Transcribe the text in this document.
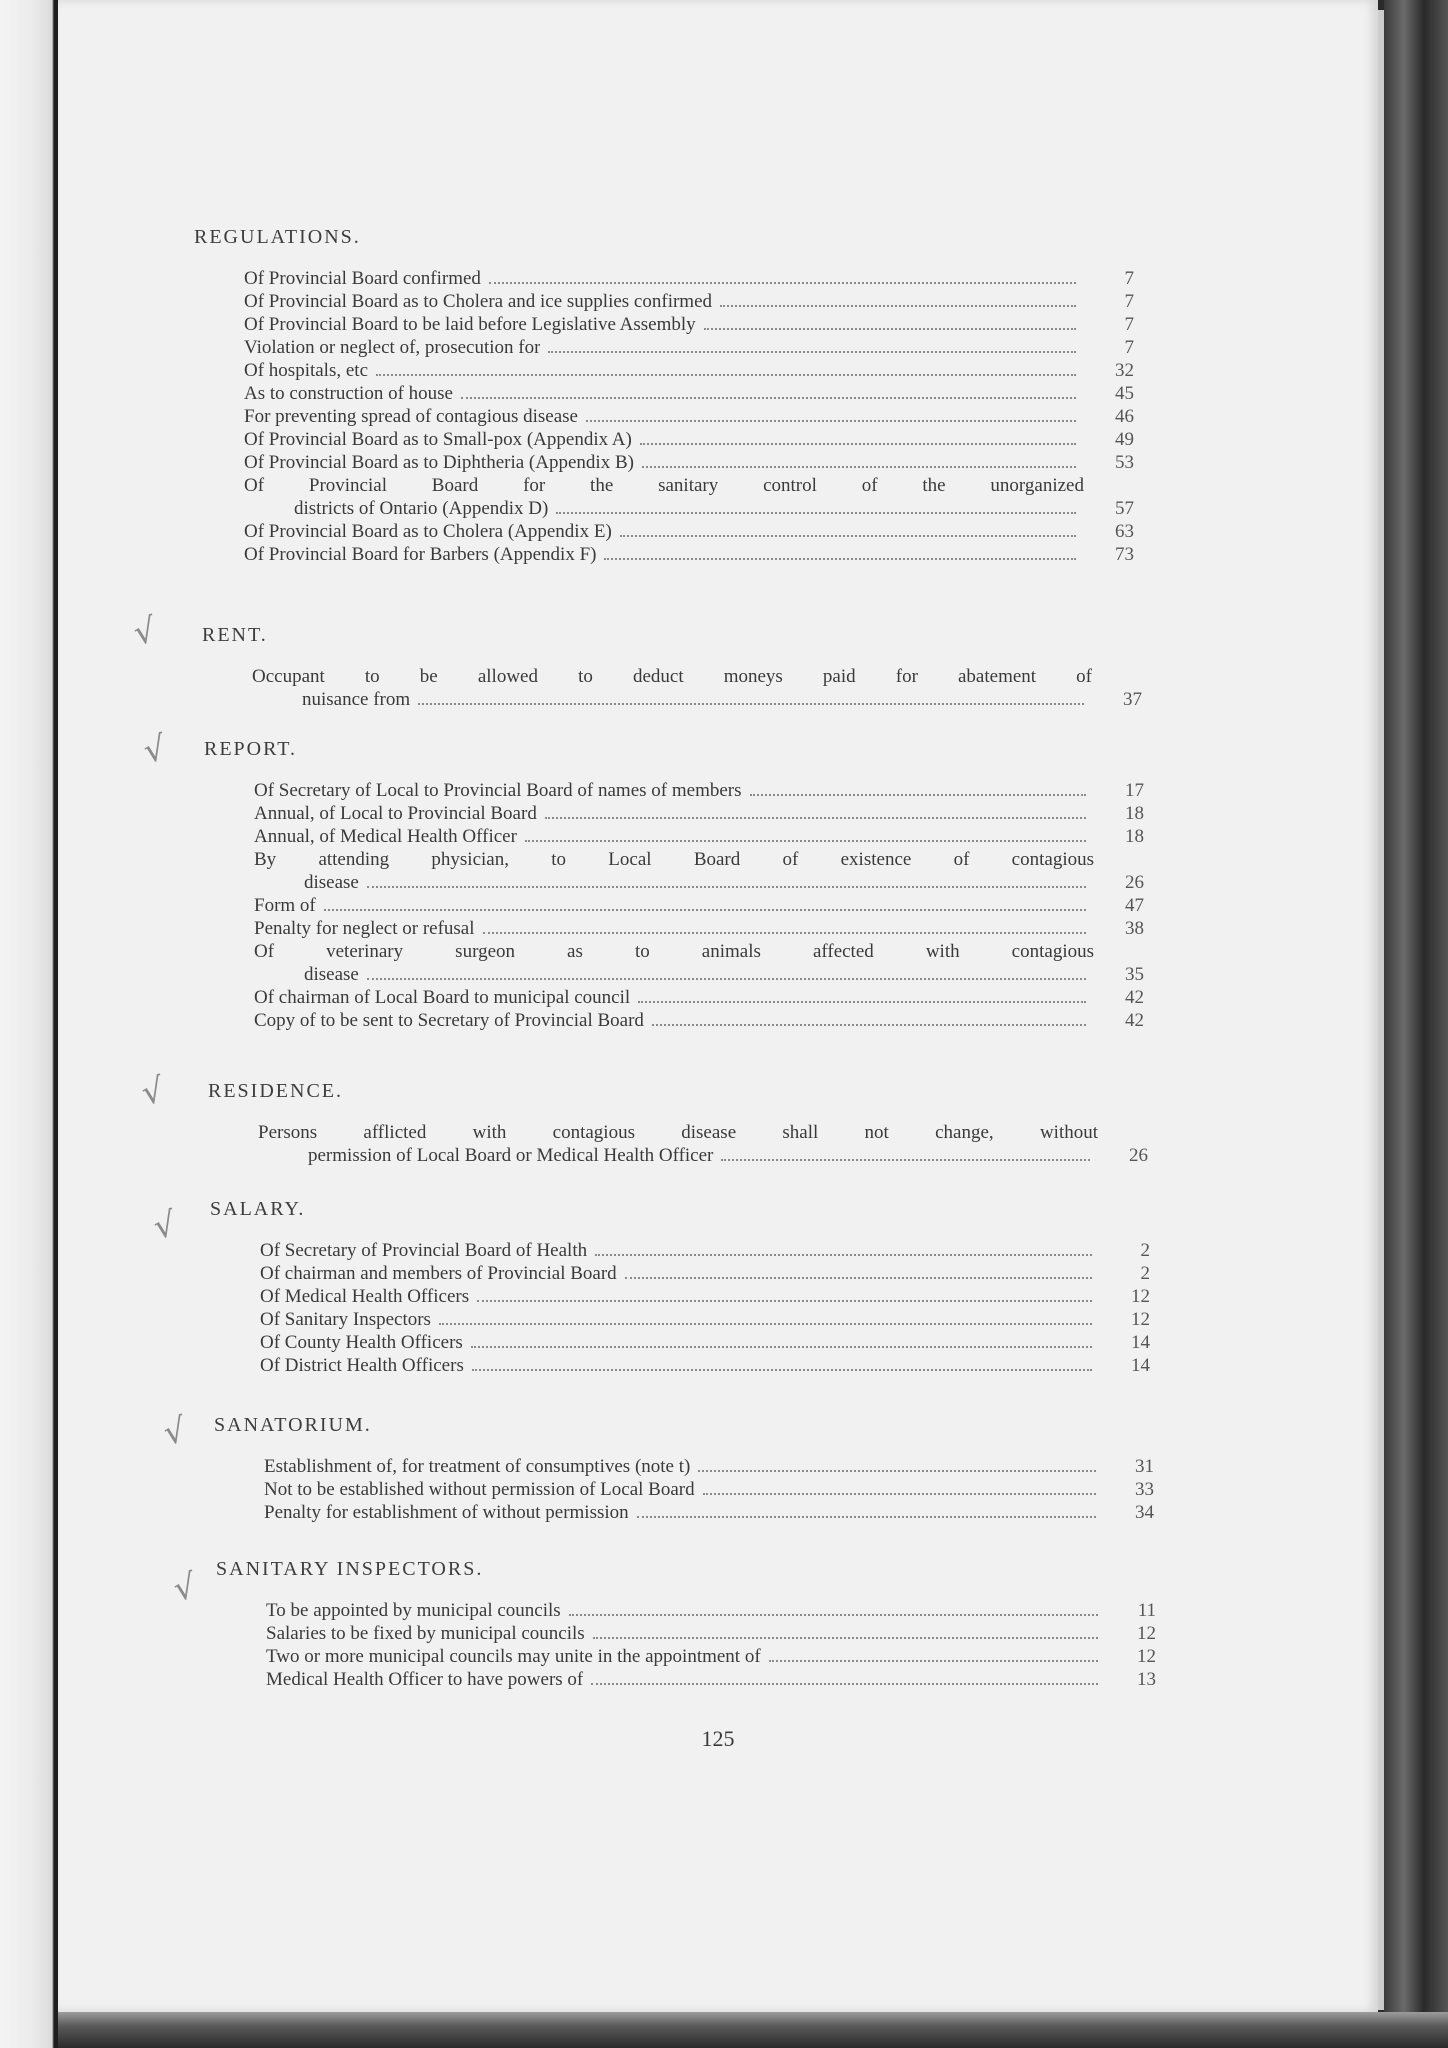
REGULATIONS.
Of Provincial Board confirmed	7
Of Provincial Board as to Cholera and ice supplies confirmed	7
Of Provincial Board to be laid before Legislative Assembly	7
Violation or neglect of, prosecution for	7
Of hospitals, etc	32
As to construction of house	45
For preventing spread of contagious disease	46
Of Provincial Board as to Small-pox (Appendix A)	49
Of Provincial Board as to Diphtheria (Appendix B)	53
Of Provincial Board for the sanitary control of the unorganized
districts of Ontario (Appendix D)	57
Of Provincial Board as to Cholera (Appendix E)	63
Of Provincial Board for Barbers (Appendix F)	73
RENT.
Occupant to be allowed to deduct moneys paid for abatement of
nuisance from	37
√
REPORT.
Of Secretary of Local to Provincial Board of names of members	17
Annual, of Local to Provincial Board	18
Annual, of Medical Health Officer	18
By attending physician, to Local Board of existence of contagious
disease	26
Form of	47
Penalty for neglect or refusal	38
Of veterinary surgeon as to animals affected with contagious
disease	35
Of chairman of Local Board to municipal council	42
Copy of to be sent to Secretary of Provincial Board	42
√
RESIDENCE.
Persons afflicted with contagious disease shall not change, without
permission of Local Board or Medical Health Officer	26
√
SALARY.
Of Secretary of Provincial Board of Health	2
Of chairman and members of Provincial Board	2
Of Medical Health Officers	12
Of Sanitary Inspectors	12
Of County Health Officers	14
Of District Health Officers	14
√
SANATORIUM.
Establishment of, for treatment of consumptives (note t)	31
Not to be established without permission of Local Board	33
Penalty for establishment of without permission	34
√
SANITARY INSPECTORS.
To be appointed by municipal councils	11
Salaries to be fixed by municipal councils	12
Two or more municipal councils may unite in the appointment of	12
Medical Health Officer to have powers of	13
√
125
